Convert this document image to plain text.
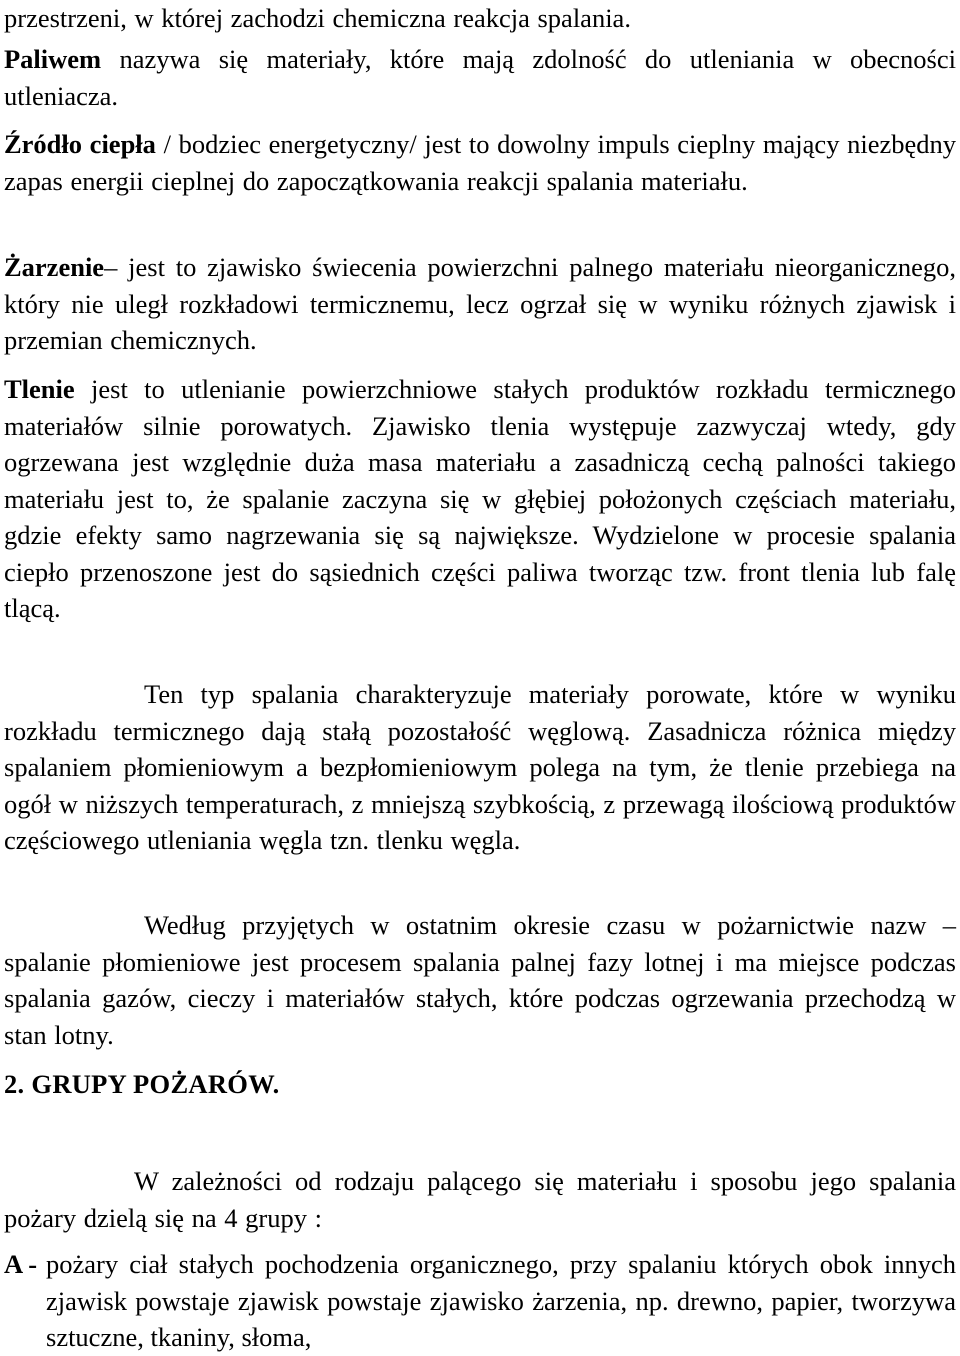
przestrzeni, w której zachodzi chemiczna reakcja spalania.

Paliwem nazywa się materiały, które mają zdolność do utleniania w obecności utleniacza.

Źródło ciepła / bodziec energetyczny/ jest to dowolny impuls cieplny mający niezbędny zapas energii cieplnej do zapoczątkowania reakcji spalania materiału.

Żarzenie– jest to zjawisko świecenia powierzchni palnego materiału nieorganicznego, który nie uległ rozkładowi termicznemu, lecz ogrzał się w wyniku różnych zjawisk i przemian chemicznych.

Tlenie jest to utlenianie powierzchniowe stałych produktów rozkładu termicznego materiałów silnie porowatych. Zjawisko tlenia występuje zazwyczaj wtedy, gdy ogrzewana jest względnie duża masa materiału a zasadniczą cechą palności takiego materiału jest to, że spalanie zaczyna się w głębiej położonych częściach materiału, gdzie efekty samo nagrzewania się są największe. Wydzielone w procesie spalania ciepło przenoszone jest do sąsiednich części paliwa tworząc tzw. front tlenia lub falę tlącą.

Ten typ spalania charakteryzuje materiały porowate, które w wyniku rozkładu termicznego dają stałą pozostałość węglową. Zasadnicza różnica między spalaniem płomieniowym a bezpłomieniowym polega na tym, że tlenie przebiega na ogół w niższych temperaturach, z mniejszą szybkością, z przewagą ilościową produktów częściowego utleniania węgla tzn. tlenku węgla.

Według przyjętych w ostatnim okresie czasu w pożarnictwie nazw – spalanie płomieniowe jest procesem spalania palnej fazy lotnej i ma miejsce podczas spalania gazów, cieczy i materiałów stałych, które podczas ogrzewania przechodzą w stan lotny.

2. GRUPY POŻARÓW.

W zależności od rodzaju palącego się materiału i sposobu jego spalania pożary dzielą się na 4 grupy :

A - pożary ciał stałych pochodzenia organicznego, przy spalaniu których obok innych zjawisk powstaje zjawisk powstaje zjawisko żarzenia, np. drewno, papier, tworzywa sztuczne, tkaniny, słoma,
